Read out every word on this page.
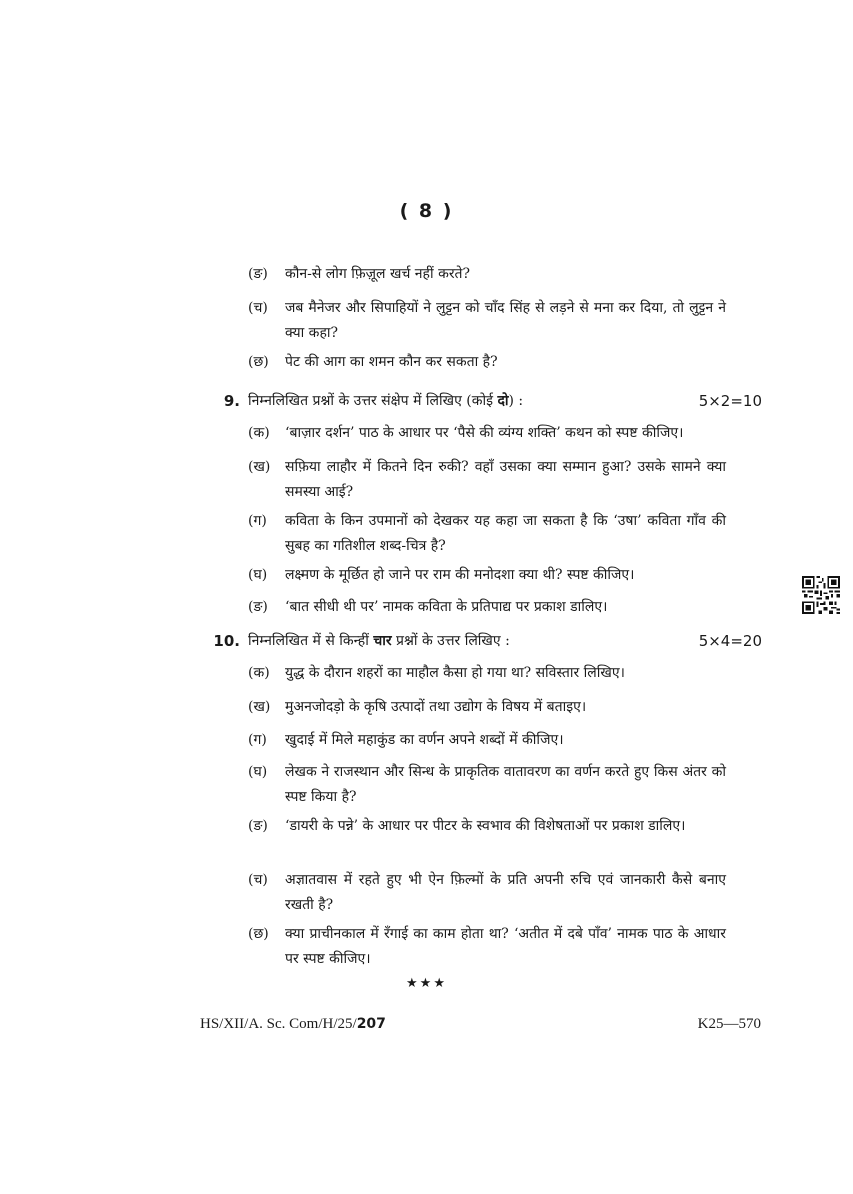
( 8 )
(ङ)	कौन-से लोग फ़िज़ूल खर्च नहीं करते?
(च)	जब मैनेजर और सिपाहियों ने लुट्टन को चाँद सिंह से लड़ने से मना कर दिया, तो लुट्टन ने क्या कहा?
(छ)	पेट की आग का शमन कौन कर सकता है?
9. निम्नलिखित प्रश्नों के उत्तर संक्षेप में लिखिए (कोई दो) :	5×2=10
(क)	‘बाज़ार दर्शन’ पाठ के आधार पर ‘पैसे की व्यंग्य शक्ति’ कथन को स्पष्ट कीजिए।
(ख)	सफ़िया लाहौर में कितने दिन रुकी? वहाँ उसका क्या सम्मान हुआ? उसके सामने क्या समस्या आई?
(ग)	कविता के किन उपमानों को देखकर यह कहा जा सकता है कि ‘उषा’ कविता गाँव की सुबह का गतिशील शब्द-चित्र है?
(घ)	लक्ष्मण के मूर्छित हो जाने पर राम की मनोदशा क्या थी? स्पष्ट कीजिए।
(ङ)	‘बात सीधी थी पर’ नामक कविता के प्रतिपाद्य पर प्रकाश डालिए।
10. निम्नलिखित में से किन्हीं चार प्रश्नों के उत्तर लिखिए :	5×4=20
(क)	युद्ध के दौरान शहरों का माहौल कैसा हो गया था? सविस्तार लिखिए।
(ख)	मुअनजोदड़ो के कृषि उत्पादों तथा उद्योग के विषय में बताइए।
(ग)	खुदाई में मिले महाकुंड का वर्णन अपने शब्दों में कीजिए।
(घ)	लेखक ने राजस्थान और सिन्ध के प्राकृतिक वातावरण का वर्णन करते हुए किस अंतर को स्पष्ट किया है?
(ङ)	‘डायरी के पन्ने’ के आधार पर पीटर के स्वभाव की विशेषताओं पर प्रकाश डालिए।
(च)	अज्ञातवास में रहते हुए भी ऐन फ़िल्मों के प्रति अपनी रुचि एवं जानकारी कैसे बनाए रखती है?
(छ)	क्या प्राचीनकाल में रँगाई का काम होता था? ‘अतीत में दबे पाँव’ नामक पाठ के आधार पर स्पष्ट कीजिए।
★★★
HS/XII/A. Sc. Com/H/25/207	K25—570
